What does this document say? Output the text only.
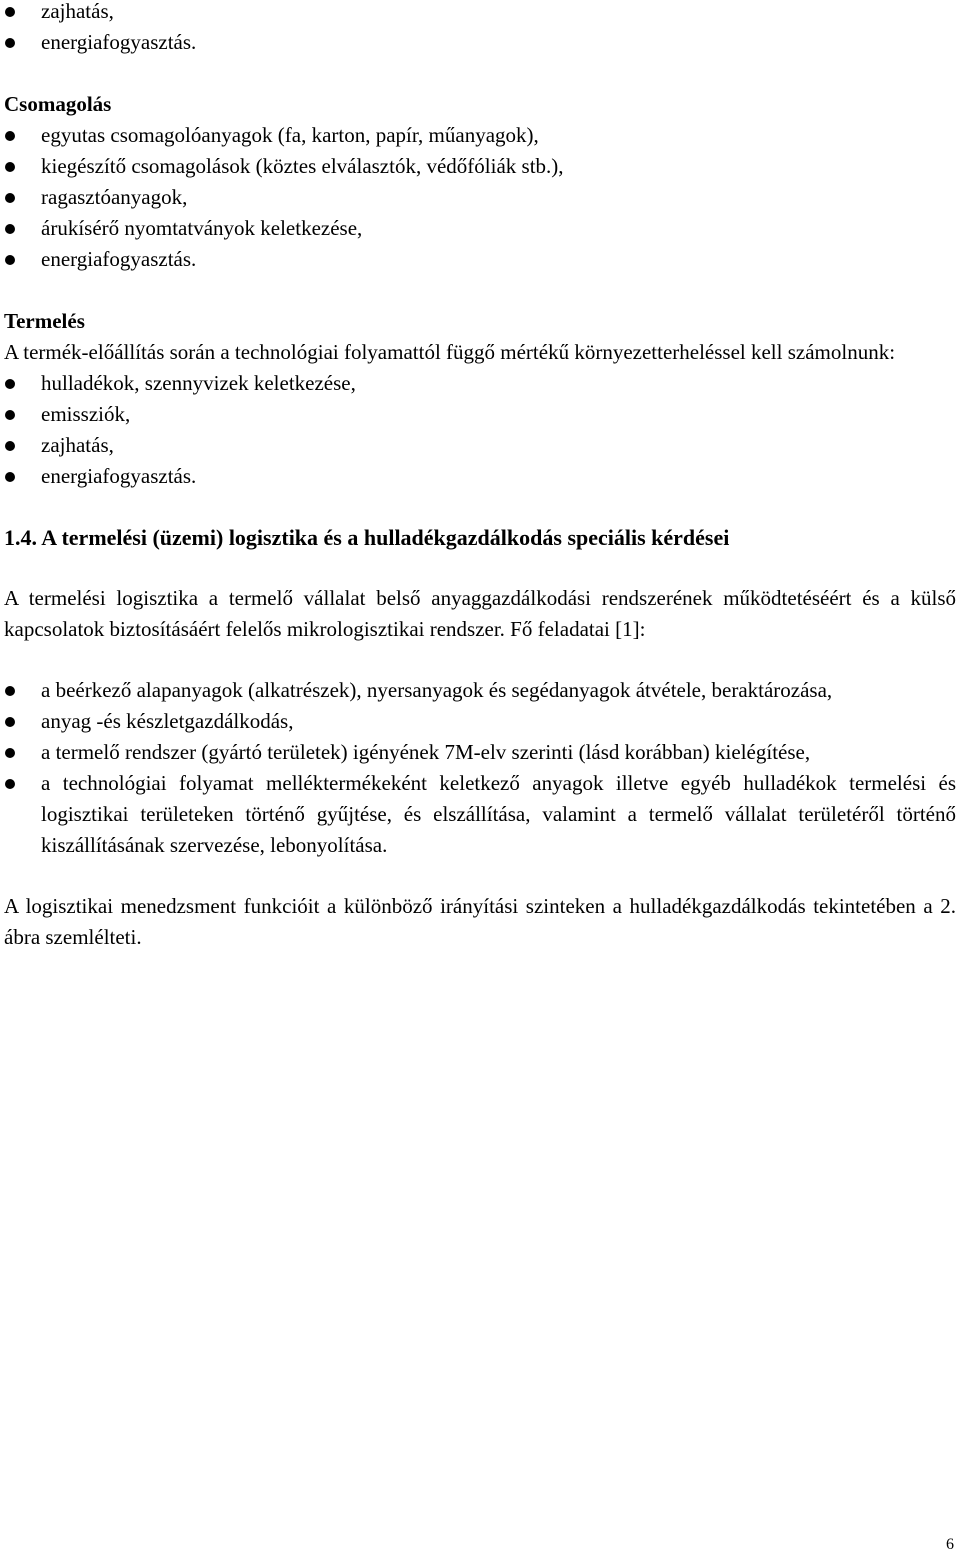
zajhatás,
energiafogyasztás.

Csomagolás

egyutas csomagolóanyagok (fa, karton, papír, műanyagok),
kiegészítő csomagolások (köztes elválasztók, védőfóliák stb.),
ragasztóanyagok,
árukísérő nyomtatványok keletkezése,
energiafogyasztás.

Termelés

A termék-előállítás során a technológiai folyamattól függő mértékű környezetterheléssel kell számolnunk:

hulladékok, szennyvizek keletkezése,
emissziók,
zajhatás,
energiafogyasztás.

1.4. A termelési (üzemi) logisztika és a hulladékgazdálkodás speciális kérdései

A termelési logisztika a termelő vállalat belső anyaggazdálkodási rendszerének működtetéséért és a külső kapcsolatok biztosításáért felelős mikrologisztikai rendszer. Fő feladatai [1]:

a beérkező alapanyagok (alkatrészek), nyersanyagok és segédanyagok átvétele, beraktározása,
anyag -és készletgazdálkodás,
a termelő rendszer (gyártó területek) igényének 7M-elv szerinti (lásd korábban) kielégítése,
a technológiai folyamat melléktermékeként keletkező anyagok illetve egyéb hulladékok termelési és logisztikai területeken történő gyűjtése, és elszállítása, valamint a termelő vállalat területéről történő kiszállításának szervezése, lebonyolítása.

A logisztikai menedzsment funkcióit a különböző irányítási szinteken a hulladékgazdálkodás tekintetében a 2. ábra szemlélteti.

6
